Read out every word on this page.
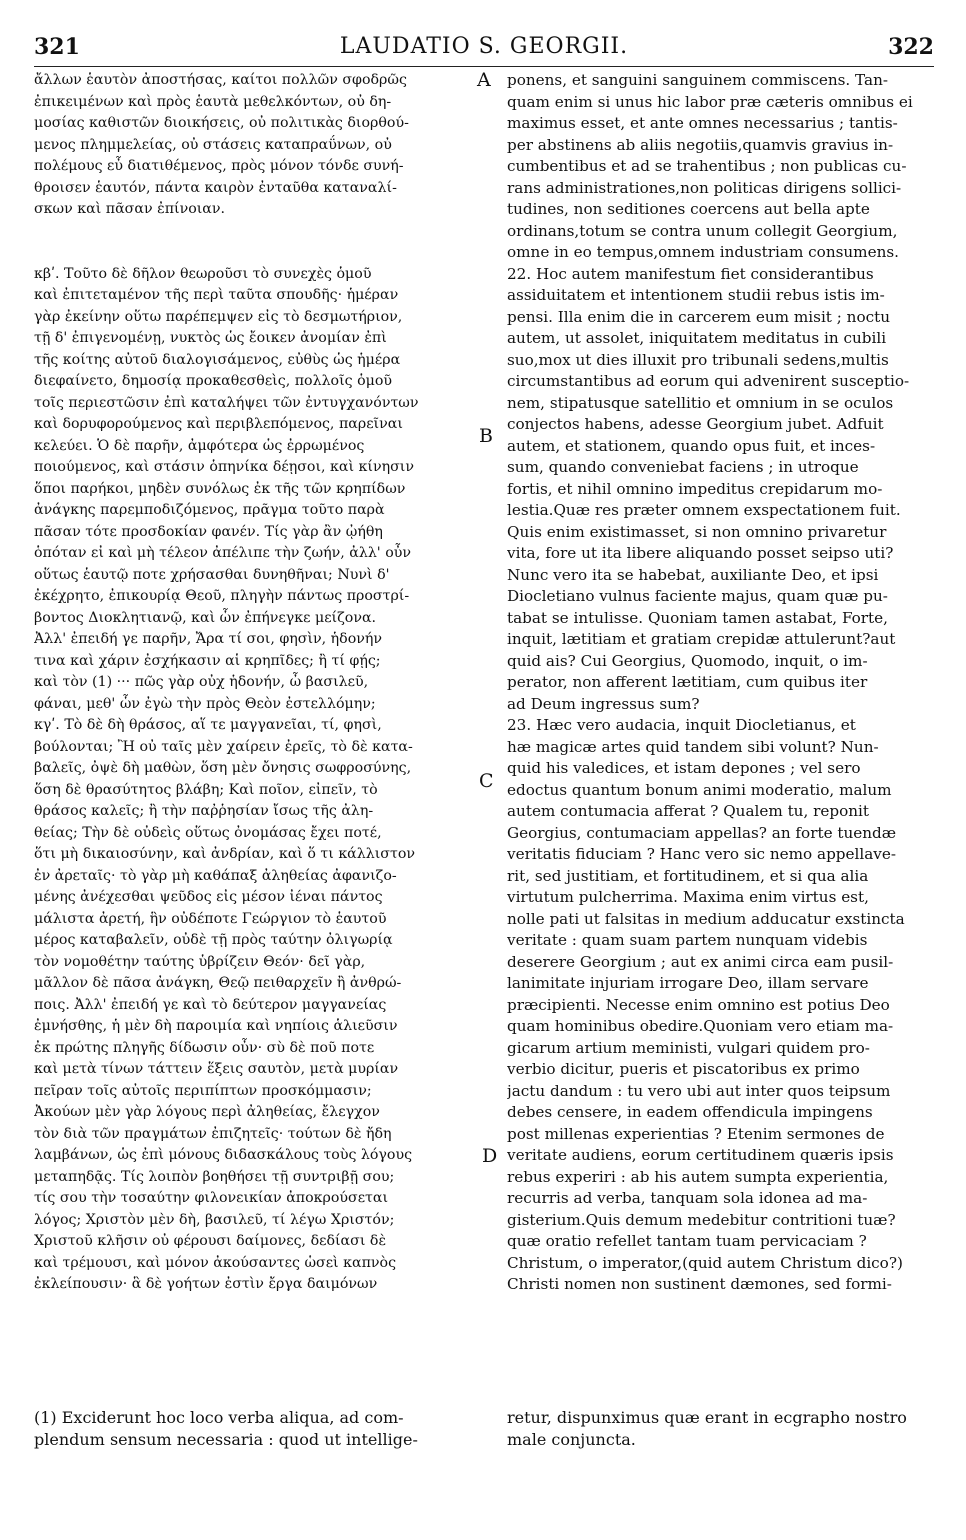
321	LAUDATIO S. GEORGII.	322
ἄλλων ἑαυτὸν ἀποστήσας, καίτοι πολλῶν σφοδρῶς
ἐπικειμένων καὶ πρὸς ἑαυτὰ μεθελκόντων, οὐ δη-
μοσίας καθιστῶν διοικήσεις, οὐ πολιτικὰς διορθού-
μενος πλημμελείας, οὐ στάσεις καταπραΰνων, οὐ
πολέμους εὖ διατιθέμενος, πρὸς μόνον τόνδε συνή-
θροισεν ἑαυτόν, πάντα καιρὸν ἐνταῦθα καταναλί-
σκων καὶ πᾶσαν ἐπίνοιαν.
κβʹ. Τοῦτο δὲ δῆλον θεωροῦσι τὸ συνεχὲς ὁμοῦ
καὶ ἐπιτεταμένον τῆς περὶ ταῦτα σπουδῆς· ἡμέραν
γὰρ ἐκείνην οὕτω παρέπεμψεν εἰς τὸ δεσμωτήριον,
τῇ δ' ἐπιγενομένῃ, νυκτὸς ὡς ἔοικεν ἀνομίαν ἐπὶ
τῆς κοίτης αὐτοῦ διαλογισάμενος, εὐθὺς ὡς ἡμέρα
διεφαίνετο, δημοσίᾳ προκαθεσθεὶς, πολλοῖς ὁμοῦ
τοῖς περιεστῶσιν ἐπὶ καταλήψει τῶν ἐντυγχανόντων
καὶ δορυφορούμενος καὶ περιβλεπόμενος, παρεῖναι
κελεύει. Ὁ δὲ παρῆν, ἀμφότερα ὡς ἐρρωμένος
ποιούμενος, καὶ στάσιν ὁπηνίκα δέῃσοι, καὶ κίνησιν
ὅποι παρήκοι, μηδὲν συνόλως ἐκ τῆς τῶν κρηπίδων
ἀνάγκης παρεμποδιζόμενος, πρᾶγμα τοῦτο παρὰ
πᾶσαν τότε προσδοκίαν φανέν. Τίς γὰρ ἂν ᾠήθη
ὁπόταν εἰ καὶ μὴ τέλεον ἀπέλιπε τὴν ζωήν, ἀλλ' οὖν
οὕτως ἑαυτῷ ποτε χρήσασθαι δυνηθῆναι; Νυνὶ δ'
ἐκέχρητο, ἐπικουρίᾳ Θεοῦ, πληγὴν πάντως προστρί-
βοντος Διοκλητιανῷ, καὶ ὧν ἐπήνεγκε μείζονα.
Ἀλλ' ἐπειδή γε παρῆν, Ἄρα τί σοι, φησὶν, ἡδονήν
τινα καὶ χάριν ἐσχήκασιν αἱ κρηπῖδες; ἢ τί φῄς;
καὶ τὸν (1) ··· πῶς γὰρ οὐχ ἡδονήν, ὦ βασιλεῦ,
φάναι, μεθ' ὧν ἐγὼ τὴν πρὸς Θεὸν ἐστελλόμην;
κγʹ. Τὸ δὲ δὴ θράσος, αἵ τε μαγγανεῖαι, τί, φησὶ,
βούλονται; Ἢ οὐ ταῖς μὲν χαίρειν ἐρεῖς, τὸ δὲ κατα-
βαλεῖς, ὀψὲ δὴ μαθὼν, ὅση μὲν ὄνησις σωφροσύνης,
ὅση δὲ θρασύτητος βλάβη; Καὶ ποῖον, εἰπεῖν, τὸ
θράσος καλεῖς; ἢ τὴν παῤῥησίαν ἴσως τῆς ἀλη-
θείας; Τὴν δὲ οὐδεὶς οὕτως ὀνομάσας ἔχει ποτέ,
ὅτι μὴ δικαιοσύνην, καὶ ἀνδρίαν, καὶ ὅ τι κάλλιστον
ἐν ἀρεταῖς· τὸ γὰρ μὴ καθάπαξ ἀληθείας ἀφανιζο-
μένης ἀνέχεσθαι ψεῦδος εἰς μέσον ἰέναι πάντος
μάλιστα ἀρετή, ἣν οὐδέποτε Γεώργιον τὸ ἑαυτοῦ
μέρος καταβαλεῖν, οὐδὲ τῇ πρὸς ταύτην ὀλιγωρίᾳ
τὸν νομοθέτην ταύτης ὑβρίζειν Θεόν· δεῖ γὰρ,
μᾶλλον δὲ πᾶσα ἀνάγκη, Θεῷ πειθαρχεῖν ἢ ἀνθρώ-
ποις. Ἀλλ' ἐπειδή γε καὶ τὸ δεύτερον μαγγανείας
ἐμνήσθης, ἡ μὲν δὴ παροιμία καὶ νηπίοις ἁλιεῦσιν
ἐκ πρώτης πληγῆς δίδωσιν οὖν· σὺ δὲ ποῦ ποτε
καὶ μετὰ τίνων τάττειν ἕξεις σαυτὸν, μετὰ μυρίαν
πεῖραν τοῖς αὐτοῖς περιπίπτων προσκόμμασιν;
Ἀκούων μὲν γὰρ λόγους περὶ ἀληθείας, ἔλεγχον
τὸν διὰ τῶν πραγμάτων ἐπιζητεῖς· τούτων δὲ ἤδη
λαμβάνων, ὡς ἐπὶ μόνους διδασκάλους τοὺς λόγους
μεταπηδᾷς. Τίς λοιπὸν βοηθήσει τῇ συντριβῇ σου;
τίς σου τὴν τοσαύτην φιλονεικίαν ἀποκρούσεται
λόγος; Χριστὸν μὲν δὴ, βασιλεῦ, τί λέγω Χριστόν;
Χριστοῦ κλῆσιν οὐ φέρουσι δαίμονες, δεδίασι δὲ
καὶ τρέμουσι, καὶ μόνον ἀκούσαντες ὡσεὶ καπνὸς
ἐκλείπουσιν· ἃ δὲ γοήτων ἐστὶν ἔργα δαιμόνων
ponens, et sanguini sanguinem commiscens. Tan-
quam enim si unus hic labor præ cæteris omnibus ei
maximus esset, et ante omnes necessarius ; tantis-
per abstinens ab aliis negotiis,quamvis gravius in-
cumbentibus et ad se trahentibus ; non publicas cu-
rans administrationes,non politicas dirigens sollici-
tudines, non seditiones coercens aut bella apte
ordinans,totum se contra unum collegit Georgium,
omne in eo tempus,omnem industriam consumens.
22. Hoc autem manifestum fiet considerantibus
assiduitatem et intentionem studii rebus istis im-
pensi. Illa enim die in carcerem eum misit ; noctu
autem, ut assolet, iniquitatem meditatus in cubili
suo,mox ut dies illuxit pro tribunali sedens,multis
circumstantibus ad eorum qui advenirent susceptio-
nem, stipatusque satellitio et omnium in se oculos
conjectos habens, adesse Georgium jubet. Adfuit
autem, et stationem, quando opus fuit, et inces-
sum, quando conveniebat faciens ; in utroque
fortis, et nihil omnino impeditus crepidarum mo-
lestia.Quæ res præter omnem exspectationem fuit.
Quis enim existimasset, si non omnino privaretur
vita, fore ut ita libere aliquando posset seipso uti?
Nunc vero ita se habebat, auxiliante Deo, et ipsi
Diocletiano vulnus faciente majus, quam quæ pu-
tabat se intulisse. Quoniam tamen astabat, Forte,
inquit, lætitiam et gratiam crepidæ attulerunt?aut
quid ais? Cui Georgius, Quomodo, inquit, o im-
perator, non afferent lætitiam, cum quibus iter
ad Deum ingressus sum?
23. Hæc vero audacia, inquit Diocletianus, et
hæ magicæ artes quid tandem sibi volunt? Nun-
quid his valedices, et istam depones ; vel sero
edoctus quantum bonum animi moderatio, malum
autem contumacia afferat ? Qualem tu, reponit
Georgius, contumaciam appellas? an forte tuendæ
veritatis fiduciam ? Hanc vero sic nemo appellave-
rit, sed justitiam, et fortitudinem, et si qua alia
virtutum pulcherrima. Maxima enim virtus est,
nolle pati ut falsitas in medium adducatur exstincta
veritate : quam suam partem nunquam videbis
deserere Georgium ; aut ex animi circa eam pusil-
lanimitate injuriam irrogare Deo, illam servare
præcipienti. Necesse enim omnino est potius Deo
quam hominibus obedire.Quoniam vero etiam ma-
gicarum artium meministi, vulgari quidem pro-
verbio dicitur, pueris et piscatoribus ex primo
jactu dandum : tu vero ubi aut inter quos teipsum
debes censere, in eadem offendicula impingens
post millenas experientias ? Etenim sermones de
veritate audiens, eorum certitudinem quæris ipsis
rebus experiri : ab his autem sumpta experientia,
recurris ad verba, tanquam sola idonea ad ma-
gisterium.Quis demum medebitur contritioni tuæ?
quæ oratio refellet tantam tuam pervicaciam ?
Christum, o imperator,(quid autem Christum dico?)
Christi nomen non sustinent dæmones, sed formi-
A
B
C
D
(1) Exciderunt hoc loco verba aliqua, ad com-
plendum sensum necessaria : quod ut intellige-
retur, dispunximus quæ erant in ecgrapho nostro
male conjuncta.
